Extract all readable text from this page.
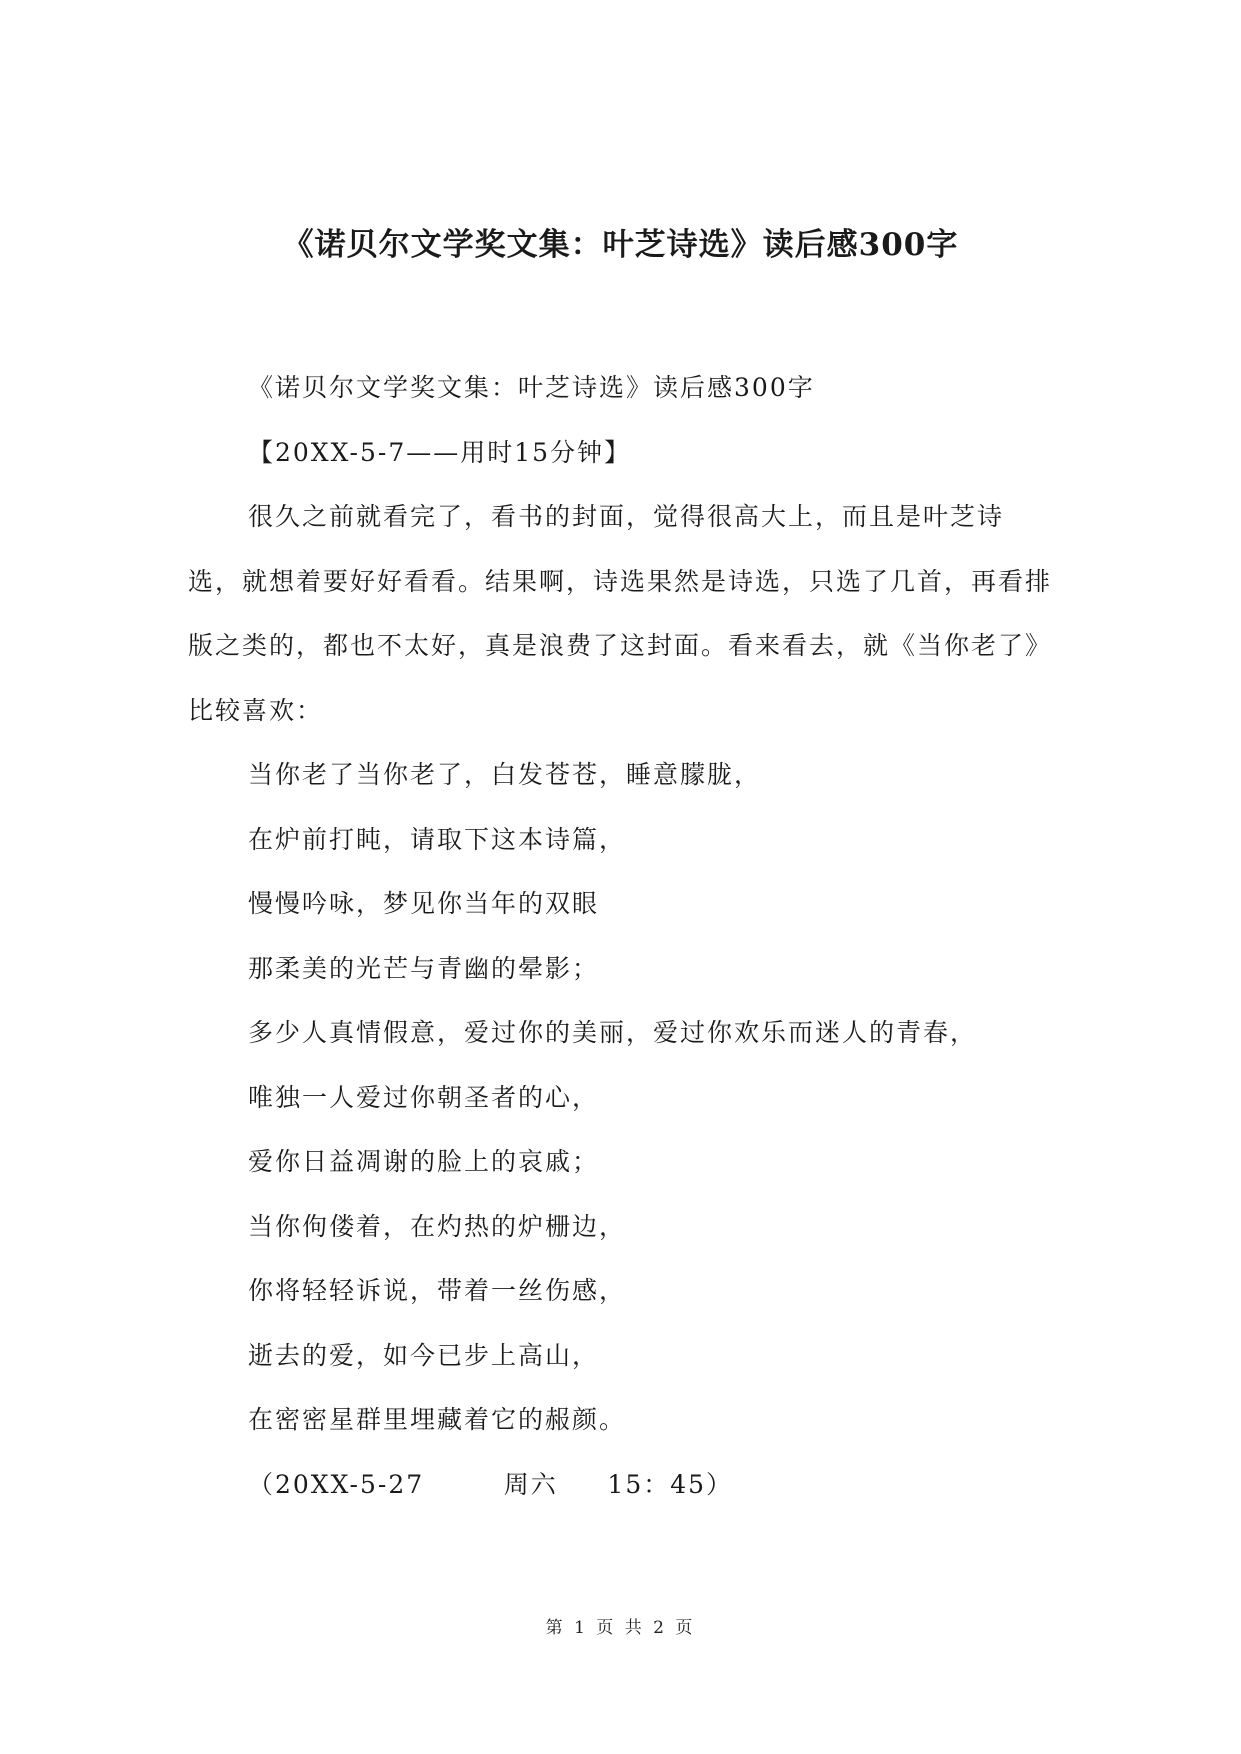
《诺贝尔文学奖文集：叶芝诗选》读后感300字

《诺贝尔文学奖文集：叶芝诗选》读后感300字

【20XX-5-7——用时15分钟】

很久之前就看完了，看书的封面，觉得很高大上，而且是叶芝诗选，就想着要好好看看。结果啊，诗选果然是诗选，只选了几首，再看排版之类的，都也不太好，真是浪费了这封面。看来看去，就《当你老了》比较喜欢：

当你老了当你老了，白发苍苍，睡意朦胧，

在炉前打盹，请取下这本诗篇，

慢慢吟咏，梦见你当年的双眼

那柔美的光芒与青幽的晕影；

多少人真情假意，爱过你的美丽，爱过你欢乐而迷人的青春，

唯独一人爱过你朝圣者的心，

爱你日益凋谢的脸上的哀戚；

当你佝偻着，在灼热的炉栅边，

你将轻轻诉说，带着一丝伤感，

逝去的爱，如今已步上高山，

在密密星群里埋藏着它的赧颜。

（20XX-5-27        周六     15：45）

第 1 页 共 2 页
